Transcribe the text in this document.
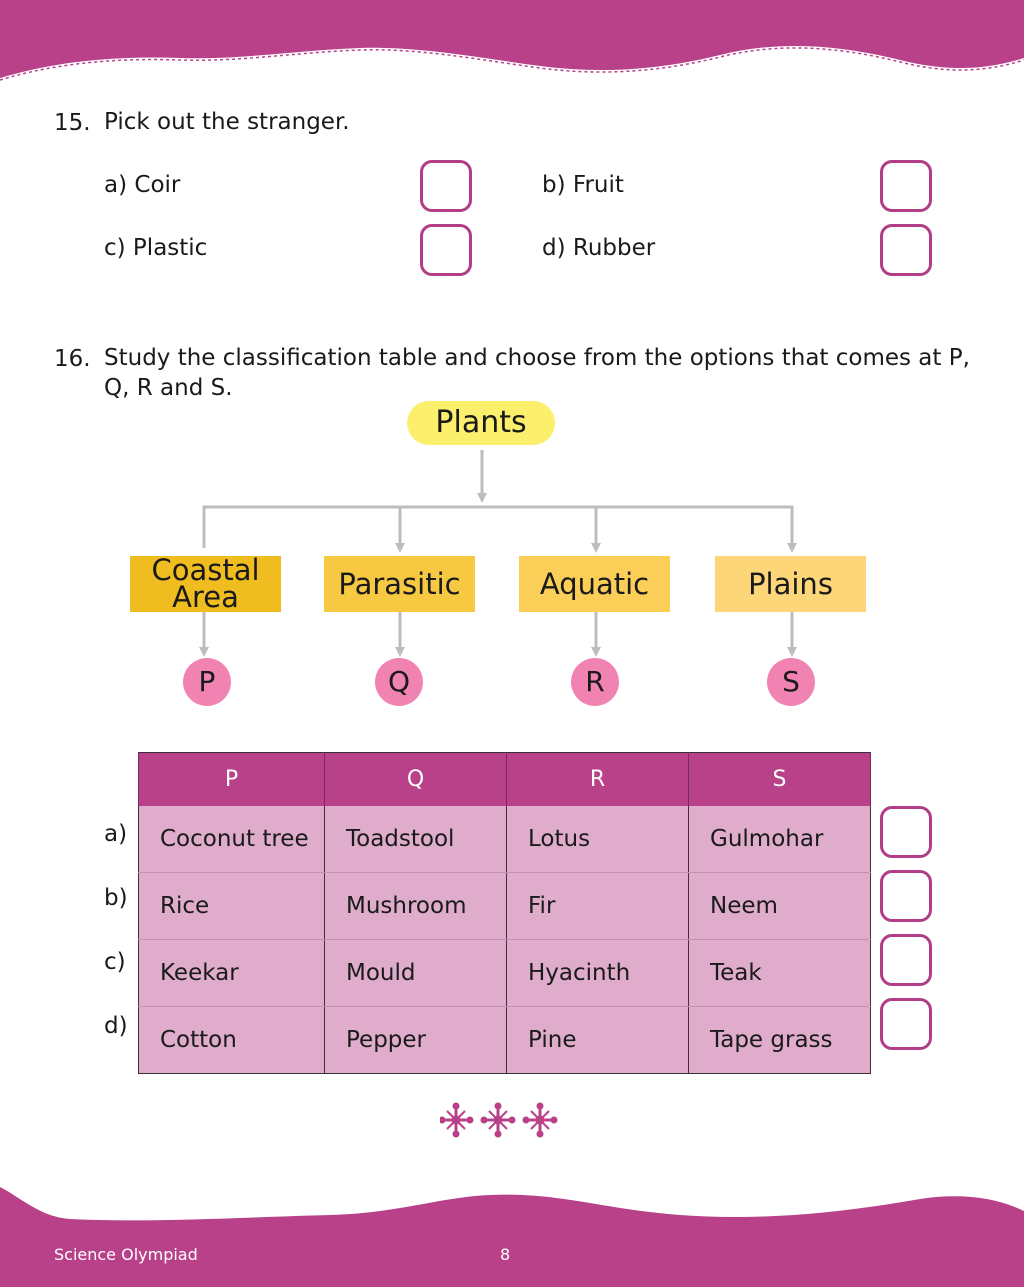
15. Pick out the stranger.
a) Coir	b) Fruit
c) Plastic	d) Rubber
16. Study the classification table and choose from the options that comes at P,
Q, R and S.
Plants
Coastal
Area	Parasitic	Aquatic	Plains
P	Q	R	S
P	Q	R	S
Coconut tree	Toadstool	Lotus	Gulmohar
Rice	Mushroom	Fir	Neem
Keekar	Mould	Hyacinth	Teak
Cotton	Pepper	Pine	Tape grass
a)
b)
c)
d)
Science Olympiad	8
